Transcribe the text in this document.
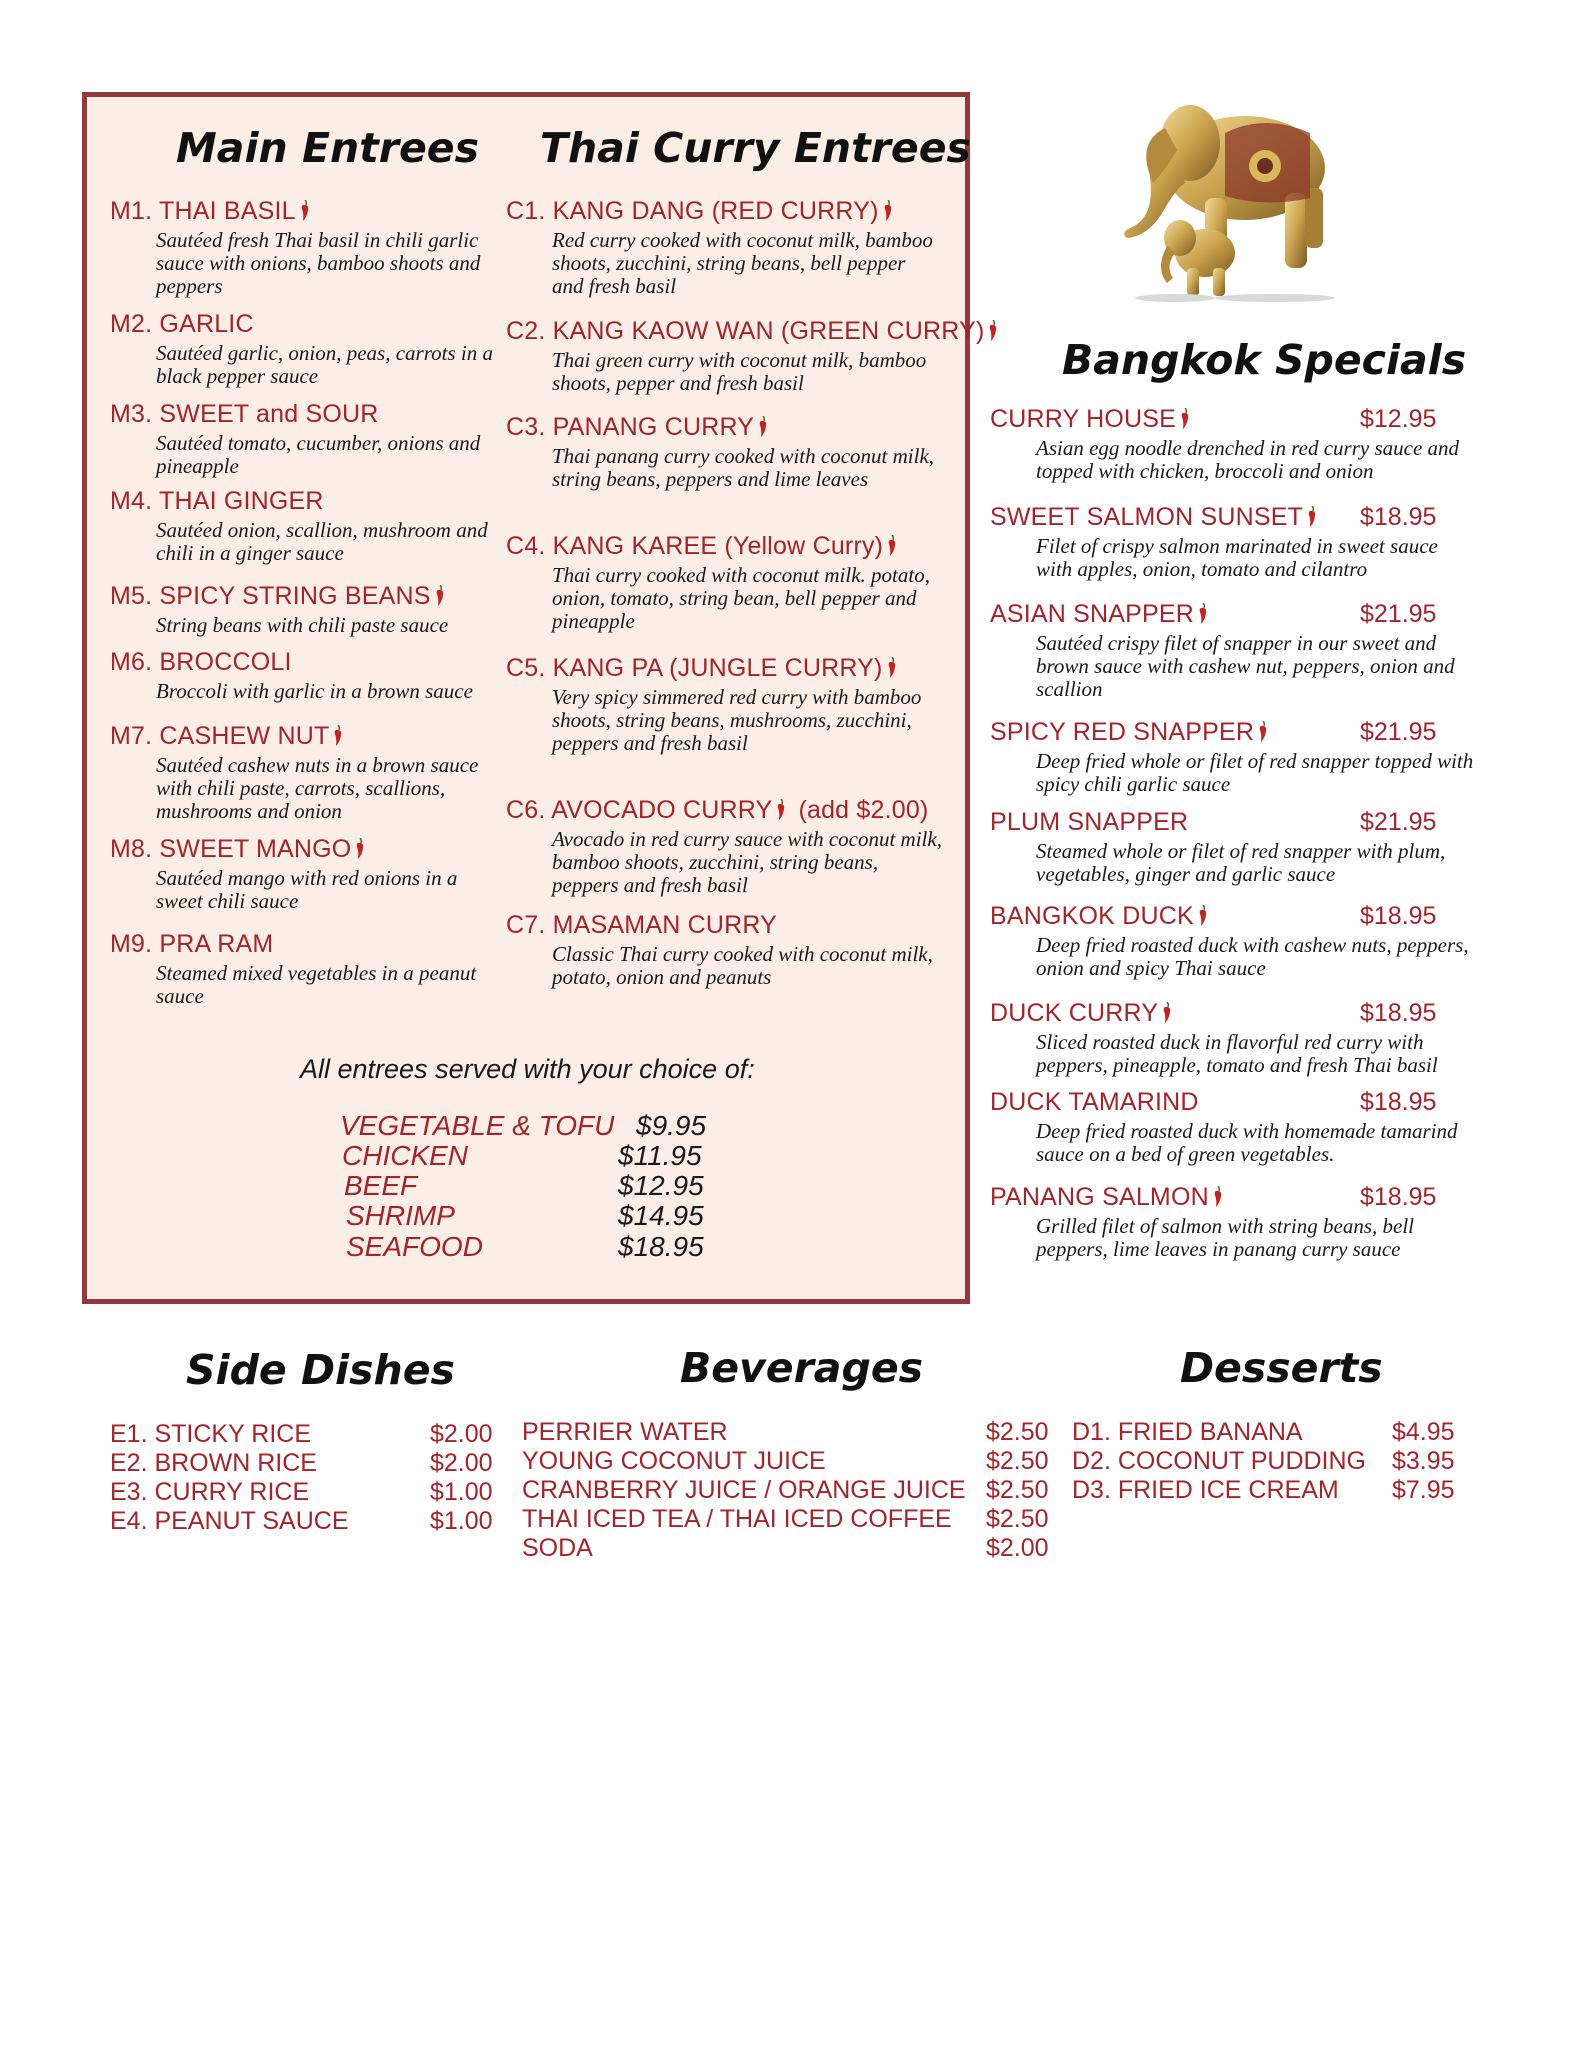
Main Entrees Thai Curry Entrees
Bangkok Specials
M1. THAI BASIL
Sautéed fresh Thai basil in chili garlic sauce with onions, bamboo shoots and peppers
M2. GARLIC
Sautéed garlic, onion, peas, carrots in a black pepper sauce
M3. SWEET and SOUR
Sautéed tomato, cucumber, onions and pineapple
M4. THAI GINGER
Sautéed onion, scallion, mushroom and chili in a ginger sauce
M5. SPICY STRING BEANS
String beans with chili paste sauce
M6. BROCCOLI
Broccoli with garlic in a brown sauce
M7. CASHEW NUT
Sautéed cashew nuts in a brown sauce with chili paste, carrots, scallions, mushrooms and onion
M8. SWEET MANGO
Sautéed mango with red onions in a sweet chili sauce
M9. PRA RAM
Steamed mixed vegetables in a peanut sauce
C1. KANG DANG (RED CURRY)
Red curry cooked with coconut milk, bamboo shoots, zucchini, string beans, bell pepper and fresh basil
C2. KANG KAOW WAN (GREEN CURRY)
Thai green curry with coconut milk, bamboo shoots, pepper and fresh basil
C3. PANANG CURRY
Thai panang curry cooked with coconut milk, string beans, peppers and lime leaves
C4. KANG KAREE (Yellow Curry)
Thai curry cooked with coconut milk. potato, onion, tomato, string bean, bell pepper and pineapple
C5. KANG PA (JUNGLE CURRY)
Very spicy simmered red curry with bamboo shoots, string beans, mushrooms, zucchini, peppers and fresh basil
C6. AVOCADO CURRY (add $2.00)
Avocado in red curry sauce with coconut milk, bamboo shoots, zucchini, string beans, peppers and fresh basil
C7. MASAMAN CURRY
Classic Thai curry cooked with coconut milk, potato, onion and peanuts
CURRY HOUSE	$12.95
Asian egg noodle drenched in red curry sauce and topped with chicken, broccoli and onion
SWEET SALMON SUNSET	$18.95
Filet of crispy salmon marinated in sweet sauce with apples, onion, tomato and cilantro
ASIAN SNAPPER	$21.95
Sautéed crispy filet of snapper in our sweet and brown sauce with cashew nut, peppers, onion and scallion
SPICY RED SNAPPER	$21.95
Deep fried whole or filet of red snapper topped with spicy chili garlic sauce
PLUM SNAPPER	$21.95
Steamed whole or filet of red snapper with plum, vegetables, ginger and garlic sauce
BANGKOK DUCK	$18.95
Deep fried roasted duck with cashew nuts, peppers, onion and spicy Thai sauce
DUCK CURRY	$18.95
Sliced roasted duck in flavorful red curry with peppers, pineapple, tomato and fresh Thai basil
DUCK TAMARIND	$18.95
Deep fried roasted duck with homemade tamarind sauce on a bed of green vegetables.
PANANG SALMON	$18.95
Grilled filet of salmon with string beans, bell peppers, lime leaves in panang curry sauce
All entrees served with your choice of:
VEGETABLE & TOFU $9.95
CHICKEN	$11.95
BEEF	$12.95
SHRIMP	$14.95
SEAFOOD	$18.95
Side Dishes	Beverages	Desserts
E1. STICKY RICE	$2.00
E2. BROWN RICE	$2.00
E3. CURRY RICE	$1.00
E4. PEANUT SAUCE	$1.00
PERRIER WATER	$2.50
YOUNG COCONUT JUICE	$2.50
CRANBERRY JUICE / ORANGE JUICE $2.50
THAI ICED TEA / THAI ICED COFFEE $2.50
SODA	$2.00
D1. FRIED BANANA	$4.95
D2. COCONUT PUDDING $3.95
D3. FRIED ICE CREAM $7.95
